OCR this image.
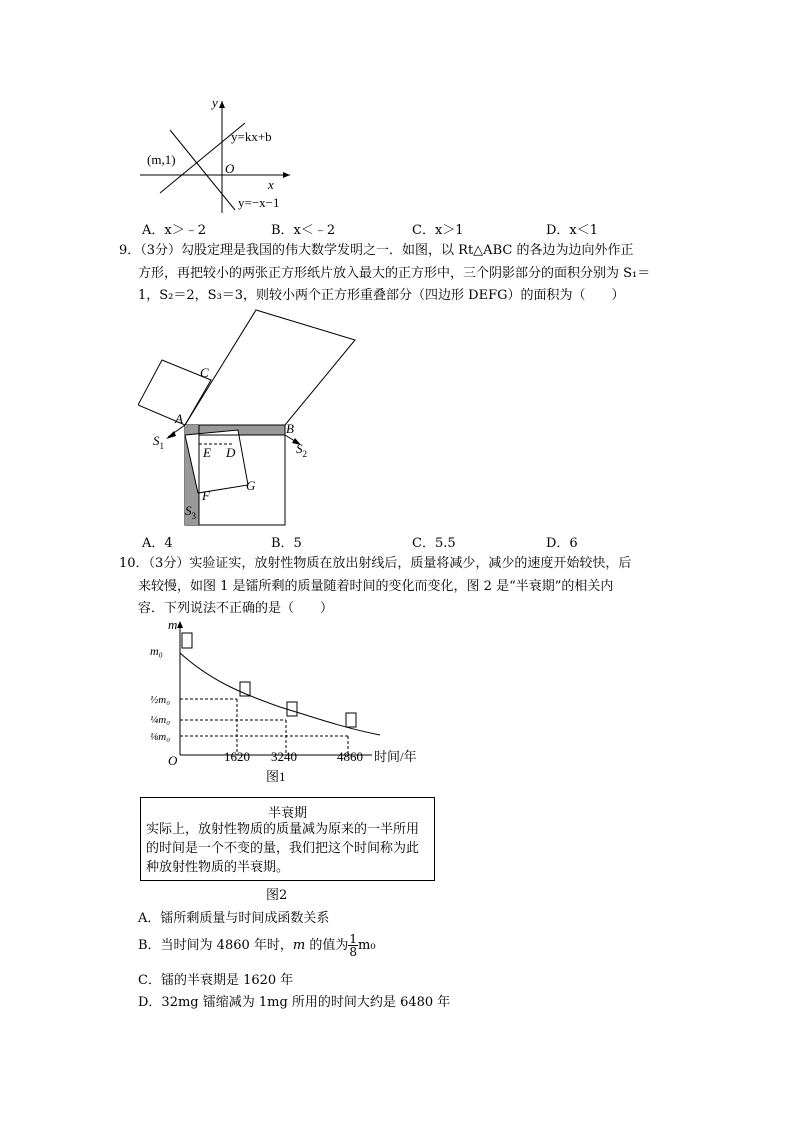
y
x
O
y=kx+b
y=−x−1
(m,1)
A．x＞﹣2	B．x＜﹣2	C．x＞1	D．x＜1
9．（3分）勾股定理是我国的伟大数学发明之一．如图，以 Rt△ABC 的各边为边向外作正
方形，再把较小的两张正方形纸片放入最大的正方形中，三个阴影部分的面积分别为 S₁＝
1，S₂＝2，S₃＝3，则较小两个正方形重叠部分（四边形 DEFG）的面积为（　　）
C
A
B
$S_1$	$S_2$
$S_3$
E D
F
G
A．4	B．5	C．5.5	D．6
10．（3分）实验证实，放射性物质在放出射线后，质量将减少，减少的速度开始较快，后
来较慢，如图 1 是镭所剩的质量随着时间的变化而变化，图 2 是“半衰期”的相关内
容．下列说法不正确的是（　　）
m
O
m₀
½m₀
¼m₀
⅛m₀
1620 3240	4860 时间/年
图1
半衰期
实际上，放射性物质的质量减为原来的一半所用的时间是一个不变的量，我们把这个时间称为此种放射性物质的半衰期。
图2
A．镭所剩质量与时间成函数关系
B．当时间为 4860 年时，m 的值为 $\frac{1}{8} m_0$
C．镭的半衰期是 1620 年
D．32mg 镭缩减为 1mg 所用的时间大约是 6480 年
